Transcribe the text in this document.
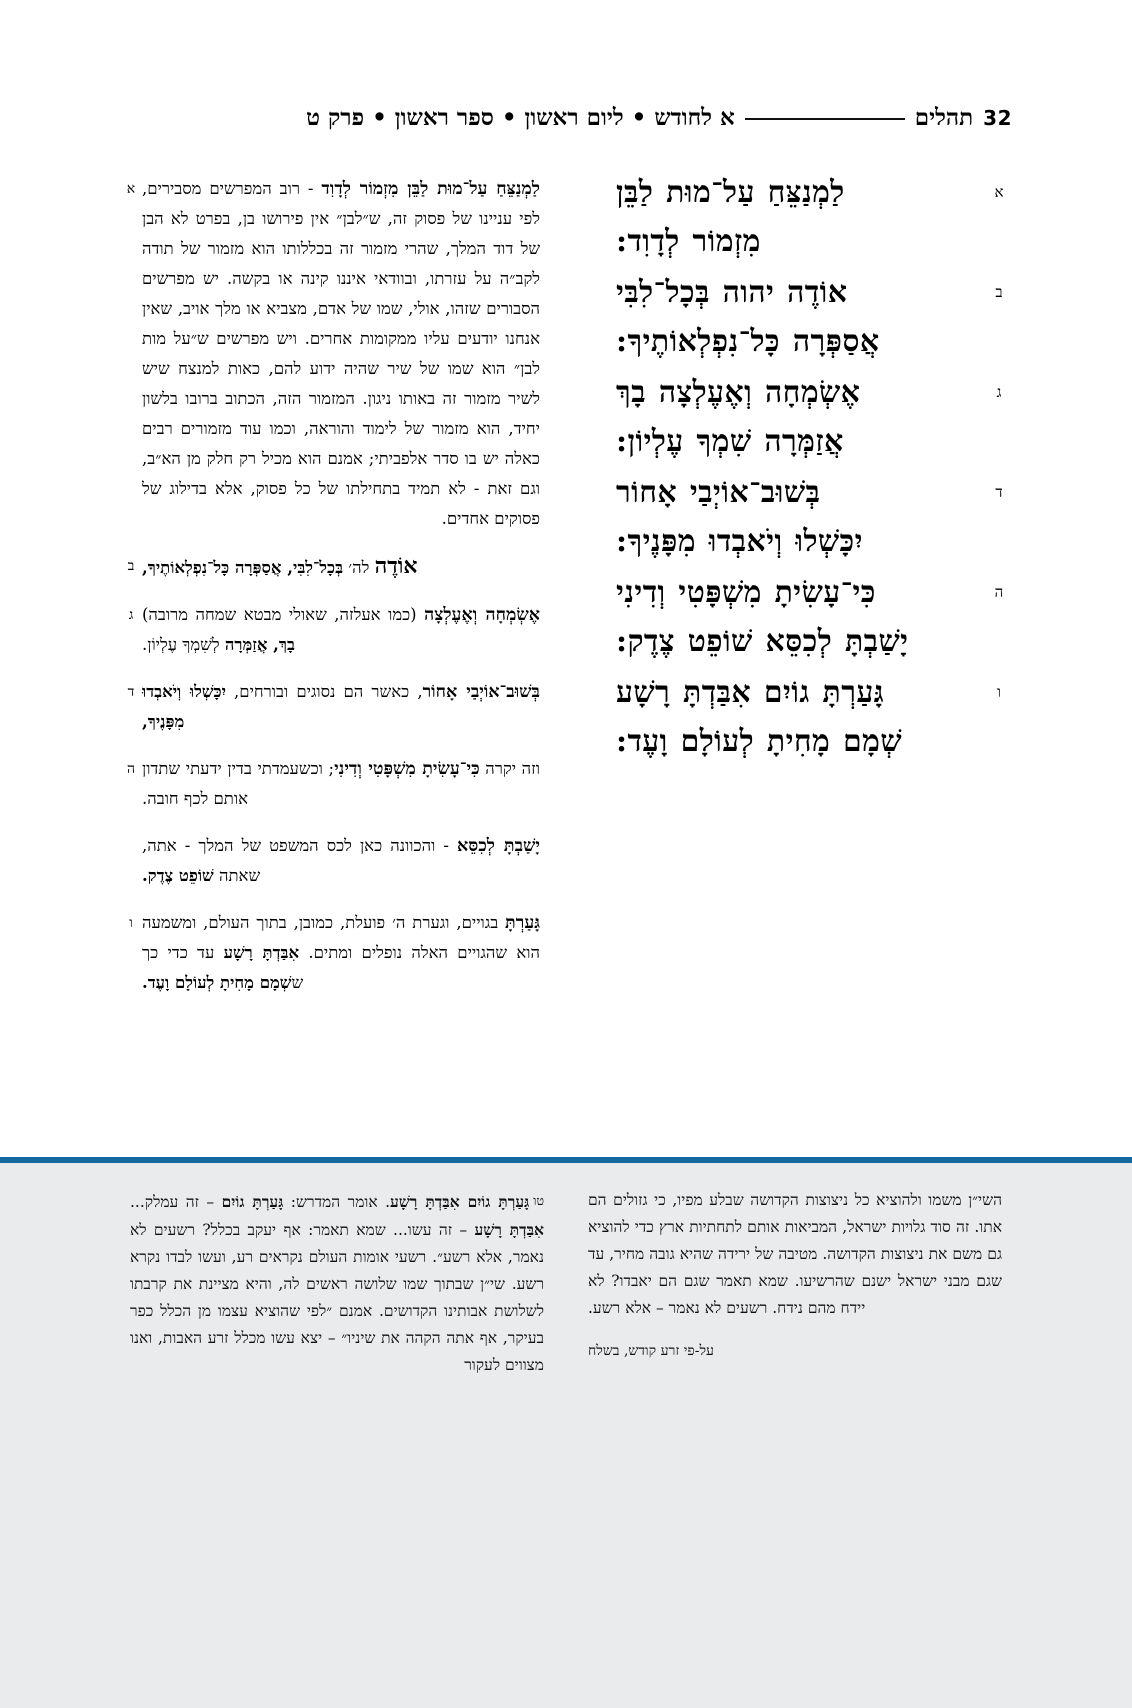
32
תהלים
א לחודש • ליום ראשון • ספר ראשון • פרק ט
א
לַמְנַצֵּחַ עַל־מוּת לַבֵּן
מִזְמוֹר לְדָוִד:
ב
אוֹדֶה יהוה בְּכָל־לִבִּי
אֲסַפְּרָה כָּל־נִפְלְאוֹתֶיךָ:
ג
אֶשְׂמְחָה וְאֶעֶלְצָה בָךְ
אֲזַמְּרָה שִׁמְךָ עֶלְיוֹן:
ד
בְּשׁוּב־אוֹיְבַי אָחוֹר
יִכָּשְׁלוּ וְיֹאבְדוּ מִפָּנֶיךָ:
ה
כִּי־עָשִׂיתָ מִשְׁפָּטִי וְדִינִי
יָשַׁבְתָּ לְכִסֵּא שׁוֹפֵט צֶדֶק:
ו
גָּעַרְתָּ גוֹיִם אִבַּדְתָּ רָשָׁע
שְׁמָם מָחִיתָ לְעוֹלָם וָעֶד:
א	לַמְנַצֵּחַ עַל־מוּת לַבֵּן מִזְמוֹר לְדָוִד - רוב המפרשים מסבירים, לפי עניינו של פסוק זה, ש״לבן״ אין פירושו בן, בפרט לא הבן של דוד המלך, שהרי מזמור זה בכללותו הוא מזמור של תודה לקב״ה על עזרתו, ובוודאי איננו קינה או בקשה. יש מפרשים הסבורים שזהו, אולי, שמו של אדם, מצביא או מלך אויב, שאין אנחנו יודעים עליו ממקומות אחרים. ויש מפרשים ש״על מות לבן״ הוא שמו של שיר שהיה ידוע להם, כאות למנצח שיש לשיר מזמור זה באותו ניגון. המזמור הזה, הכתוב ברובו בלשון יחיד, הוא מזמור של לימוד והוראה, וכמו עוד מזמורים רבים כאלה יש בו סדר אלפביתי; אמנם הוא מכיל רק חלק מן הא״ב, וגם זאת - לא תמיד בתחילתו של כל פסוק, אלא בדילוג של פסוקים אחדים.
ב	אוֹדֶה לה׳ בְּכָל־לִבִּי, אֲסַפְּרָה כָּל־נִפְלְאוֹתֶיךָ,
ג	אֶשְׂמְחָה וְאֶעֶלְצָה (כמו אעלזה, שאולי מבטא שמחה מרובה) בָךְ, אֲזַמְּרָה לְשִׁמְךָ עֶלְיוֹן.
ד	בְּשׁוּב־אוֹיְבַי אָחוֹר, כאשר הם נסוגים ובורחים, יִכָּשְׁלוּ וְיֹאבְדוּ מִפָּנֶיךָ,
ה	וזה יקרה כִּי־עָשִׂיתָ מִשְׁפָּטִי וְדִינִי; וכשעמדתי בדין ידעתי שתדון אותם לכף חובה.
יָשַׁבְתָּ לְכִסֵּא - והכוונה כאן לכס המשפט של המלך - אתה, שאתה שׁוֹפֵט צֶדֶק.
ו	גָּעַרְתָּ בגויים, וגערת ה׳ פועלת, כמובן, בתוך העולם, ומשמעה הוא שהגויים האלה נופלים ומתים. אִבַּדְתָּ רָשָׁע עד כדי כך ששְׁמָם מָחִיתָ לְעוֹלָם וָעֶד.
השי״ן משמו ולהוציא כל ניצוצות הקדושה שבלע מפיו, כי גזולים הם אתו. זה סוד גלויות ישראל, המביאות אותם לתחתיות ארץ כדי להוציא גם משם את ניצוצות הקדושה. מטיבה של ירידה שהיא גובה מחיר, עד שגם מבני ישראל ישנם שהרשיעו. שמא תאמר שגם הם יאבדו? לא יידח מהם נידח. רשעים לא נאמר – אלא רשע.
על-פי זרע קודש, בשלח
טוגָּעַרְתָּ גוֹיִם אִבַּדְתָּ רָשָׁע. אומר המדרש: גָּעַרְתָּ גוֹיִם – זה עמלק... אִבַּדְתָּ רָשָׁע – זה עשו... שמא תאמר: אף יעקב בכלל? רשעים לא נאמר, אלא רשע״. רשעי אומות העולם נקראים רע, ועשו לבדו נקרא רשע. שי״ן שבתוך שמו שלושה ראשים לה, והיא מציינת את קרבתו לשלושת אבותינו הקדושים. אמנם ״לפי שהוציא עצמו מן הכלל כפר בעיקר, אף אתה הקהה את שיניו״ – יצא עשו מכלל זרע האבות, ואנו מצווים לעקור
